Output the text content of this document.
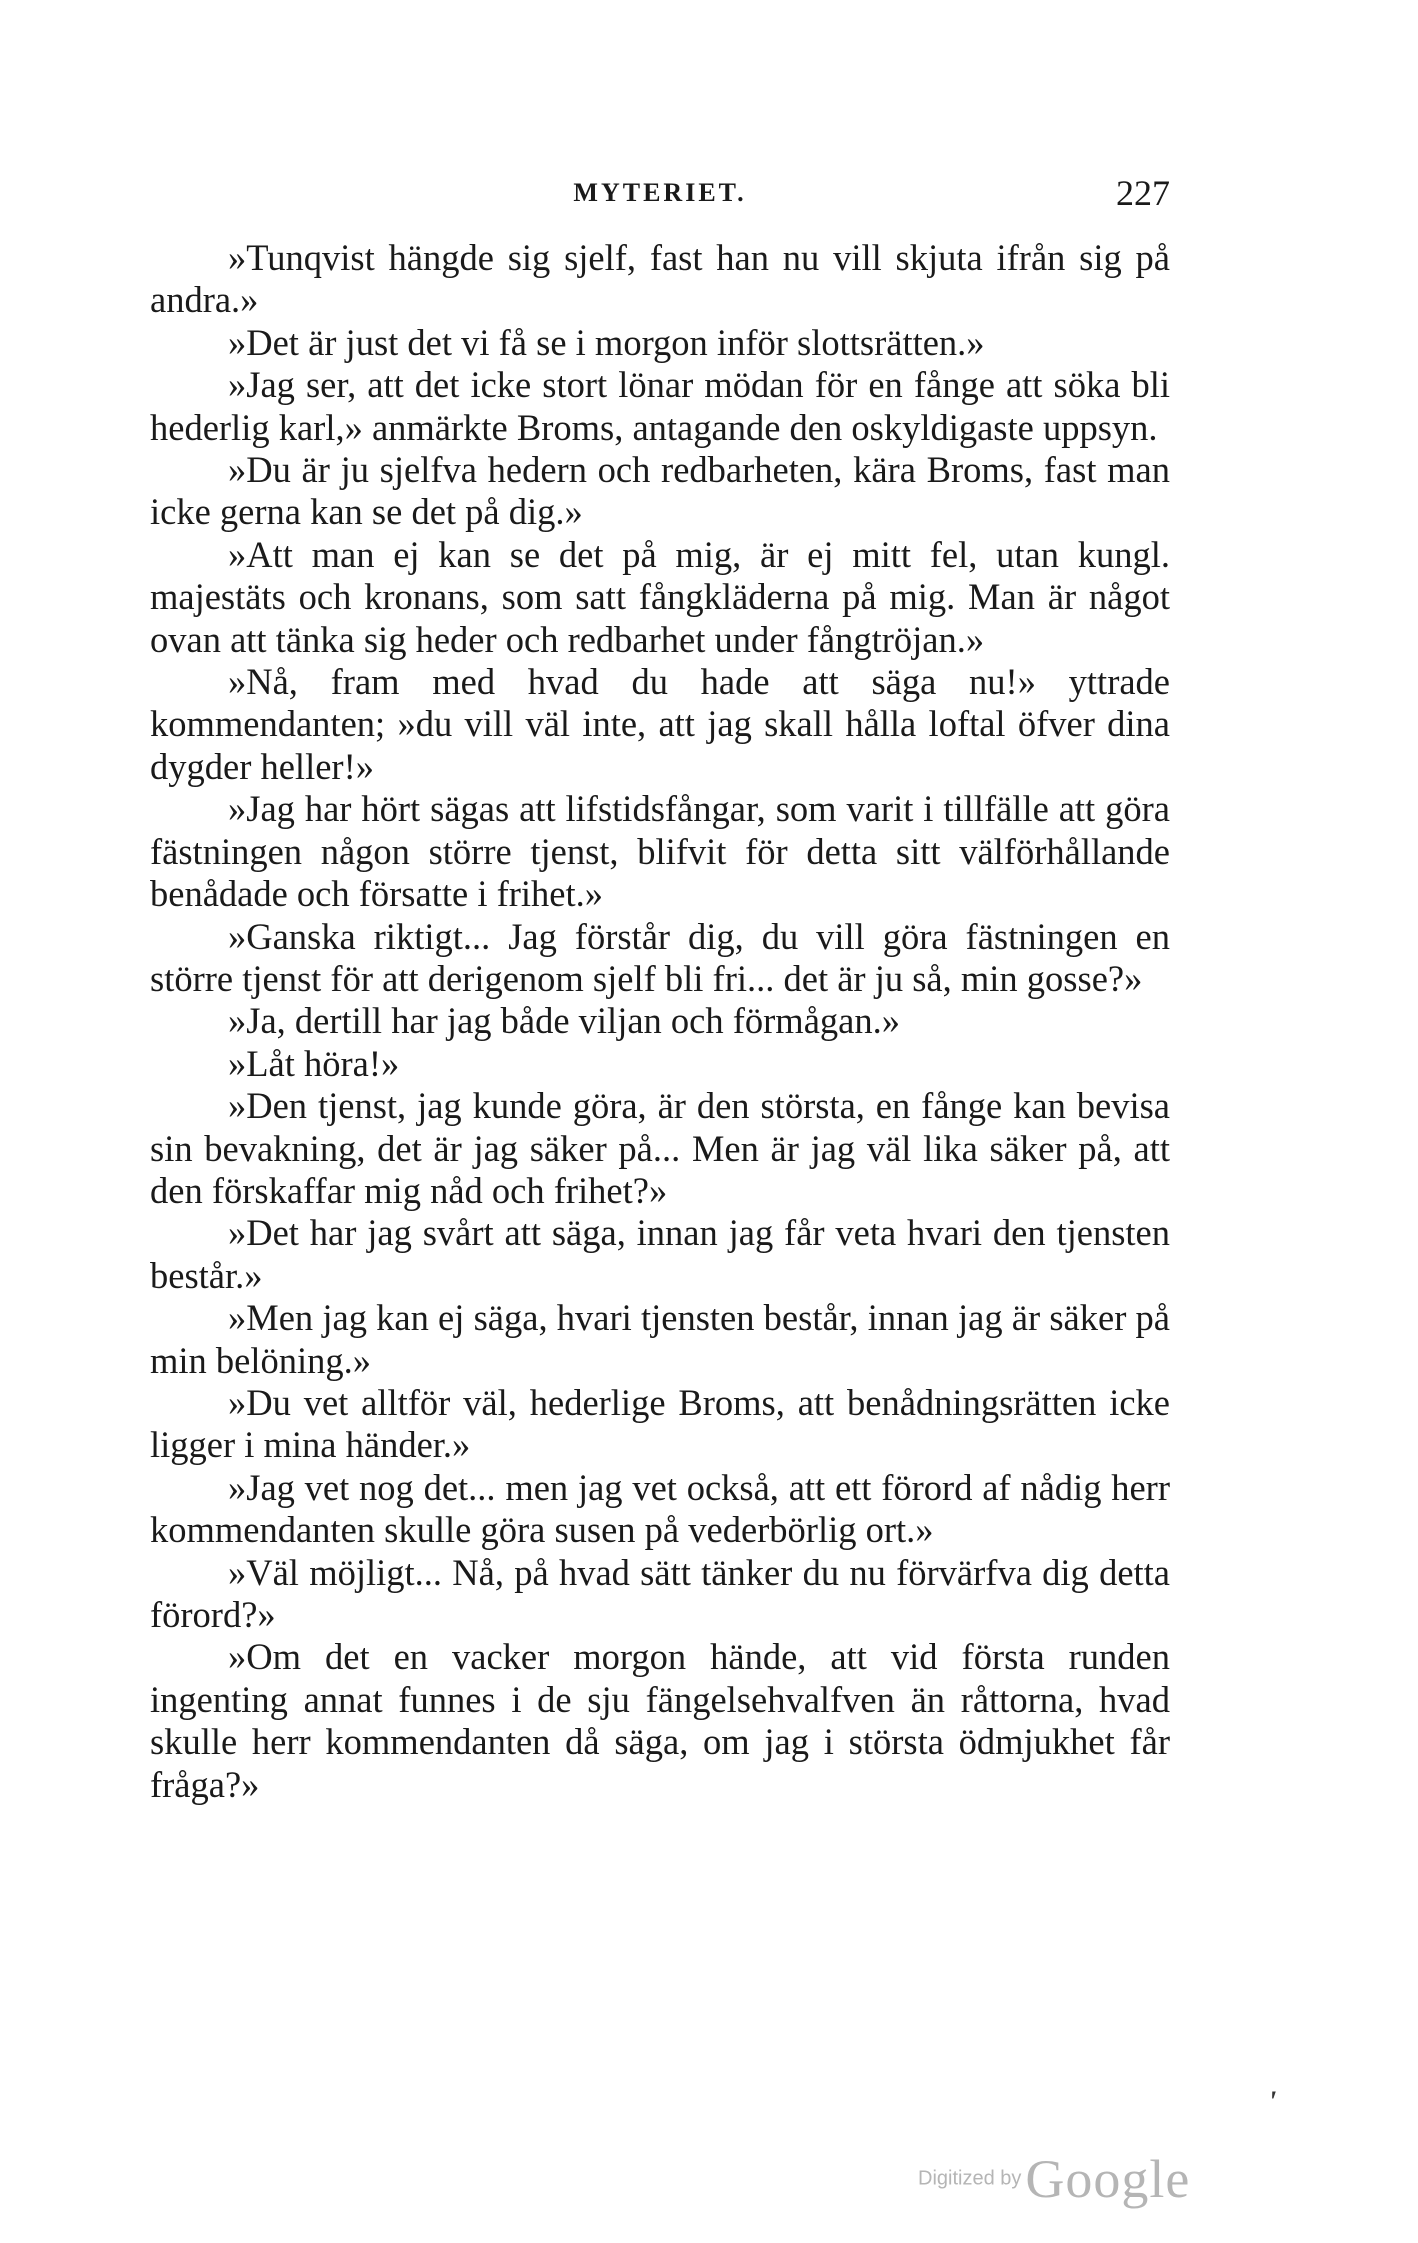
MYTERIET.	227

»Tunqvist hängde sig sjelf, fast han nu vill skjuta ifrån sig på andra.»

»Det är just det vi få se i morgon inför slottsrätten.»

»Jag ser, att det icke stort lönar mödan för en fånge att söka bli hederlig karl,» anmärkte Broms, antagande den oskyldigaste uppsyn.

»Du är ju sjelfva hedern och redbarheten, kära Broms, fast man icke gerna kan se det på dig.»

»Att man ej kan se det på mig, är ej mitt fel, utan kungl. majestäts och kronans, som satt fångkläderna på mig. Man är något ovan att tänka sig heder och redbarhet under fångtröjan.»

»Nå, fram med hvad du hade att säga nu!» yttrade kommendanten; »du vill väl inte, att jag skall hålla loftal öfver dina dygder heller!»

»Jag har hört sägas att lifstidsfångar, som varit i tillfälle att göra fästningen någon större tjenst, blifvit för detta sitt välförhållande benådade och försatte i frihet.»

»Ganska riktigt... Jag förstår dig, du vill göra fästningen en större tjenst för att derigenom sjelf bli fri... det är ju så, min gosse?»

»Ja, dertill har jag både viljan och förmågan.»

»Låt höra!»

»Den tjenst, jag kunde göra, är den största, en fånge kan bevisa sin bevakning, det är jag säker på... Men är jag väl lika säker på, att den förskaffar mig nåd och frihet?»

»Det har jag svårt att säga, innan jag får veta hvari den tjensten består.»

»Men jag kan ej säga, hvari tjensten består, innan jag är säker på min belöning.»

»Du vet alltför väl, hederlige Broms, att benådningsrätten icke ligger i mina händer.»

»Jag vet nog det... men jag vet också, att ett förord af nådig herr kommendanten skulle göra susen på vederbörlig ort.»

»Väl möjligt... Nå, på hvad sätt tänker du nu förvärfva dig detta förord?»

»Om det en vacker morgon hände, att vid första runden ingenting annat funnes i de sju fängelsehvalfven än råttorna, hvad skulle herr kommendanten då säga, om jag i största ödmjukhet får fråga?»

'
Digitized by Google
